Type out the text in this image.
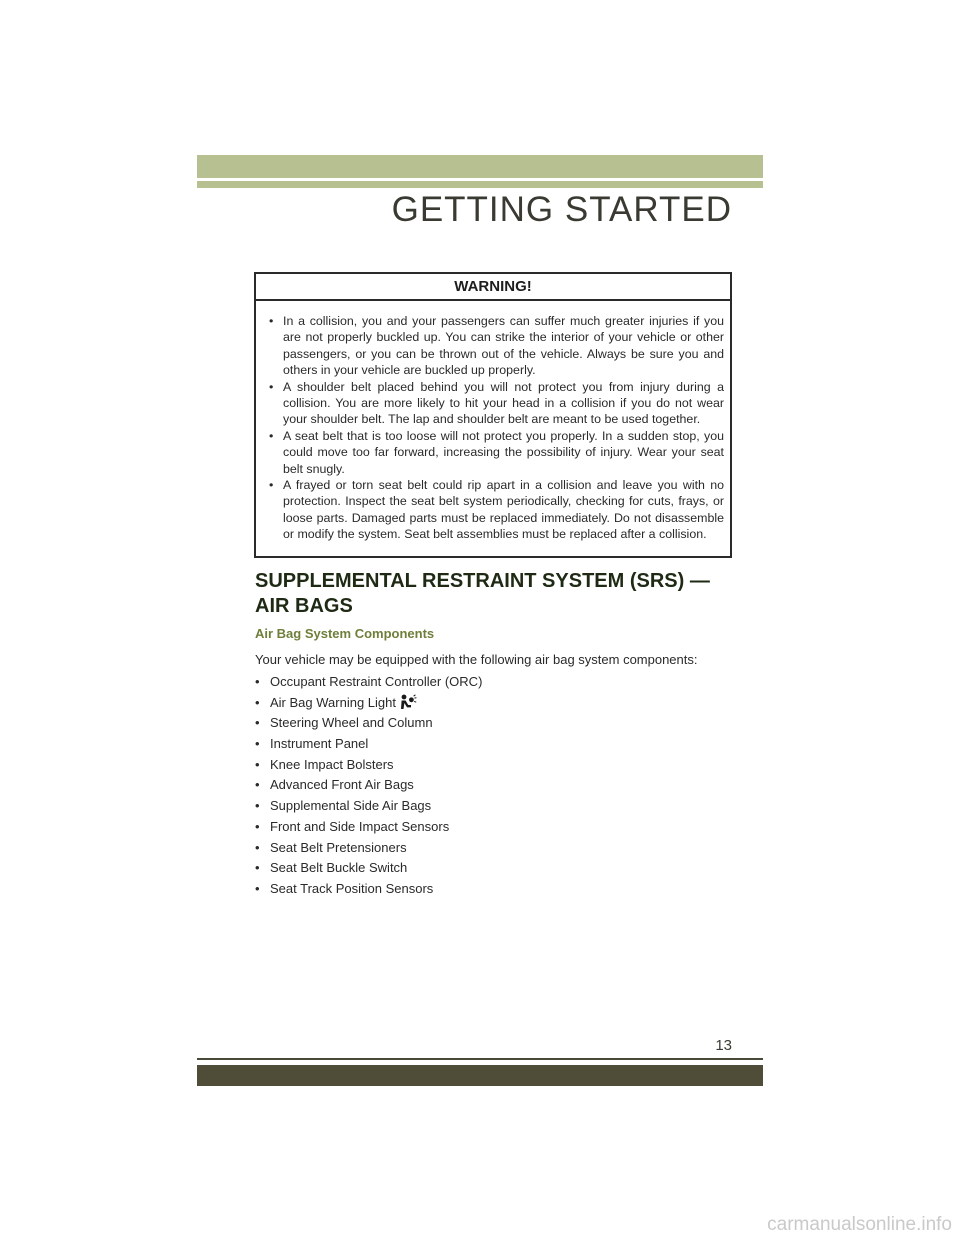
GETTING STARTED
WARNING!
• In a collision, you and your passengers can suffer much greater injuries if you are not properly buckled up. You can strike the interior of your vehicle or other passengers, or you can be thrown out of the vehicle. Always be sure you and others in your vehicle are buckled up properly.
• A shoulder belt placed behind you will not protect you from injury during a collision. You are more likely to hit your head in a collision if you do not wear your shoulder belt. The lap and shoulder belt are meant to be used together.
• A seat belt that is too loose will not protect you properly. In a sudden stop, you could move too far forward, increasing the possibility of injury. Wear your seat belt snugly.
• A frayed or torn seat belt could rip apart in a collision and leave you with no protection. Inspect the seat belt system periodically, checking for cuts, frays, or loose parts. Damaged parts must be replaced immediately. Do not disassemble or modify the system. Seat belt assemblies must be replaced after a collision.
SUPPLEMENTAL RESTRAINT SYSTEM (SRS) — AIR BAGS
Air Bag System Components

Your vehicle may be equipped with the following air bag system components:

• Occupant Restraint Controller (ORC)
• Air Bag Warning Light
• Steering Wheel and Column
• Instrument Panel
• Knee Impact Bolsters
• Advanced Front Air Bags
• Supplemental Side Air Bags
• Front and Side Impact Sensors
• Seat Belt Pretensioners
• Seat Belt Buckle Switch
• Seat Track Position Sensors
13
carmanualsonline.info
